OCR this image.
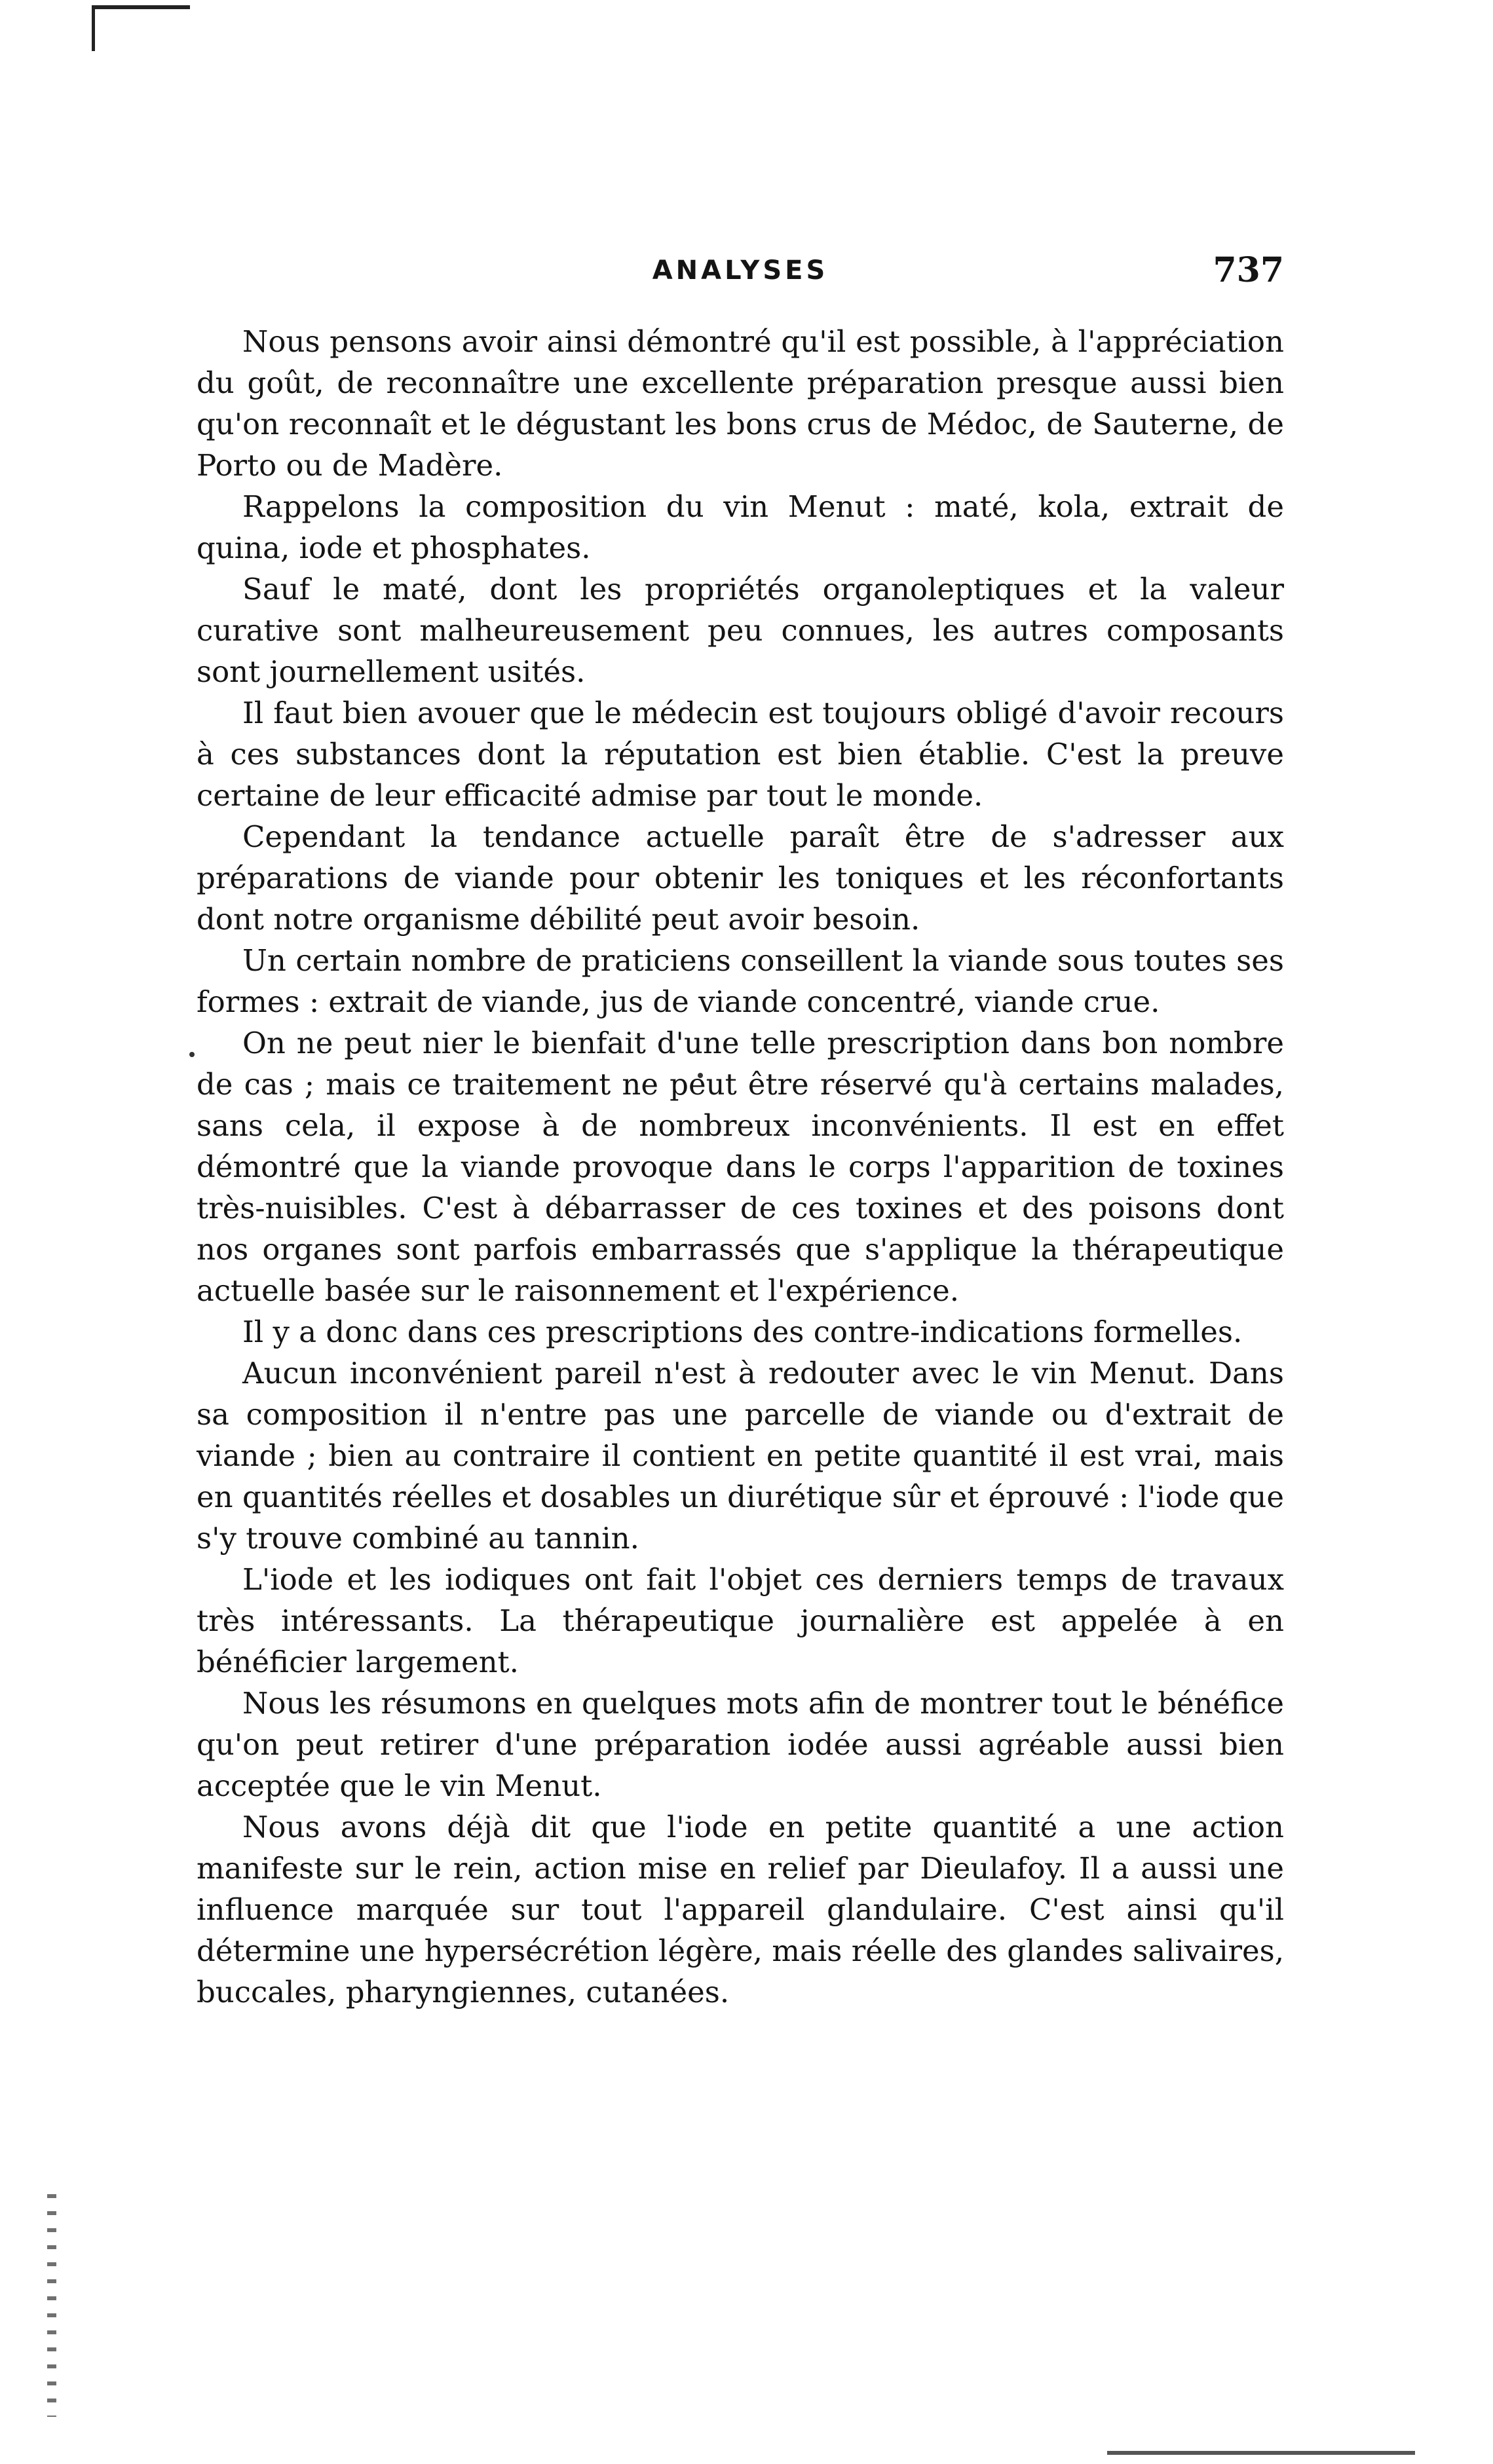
ANALYSES	737

Nous pensons avoir ainsi démontré qu'il est possible, à l'appréciation du goût, de reconnaître une excellente préparation presque aussi bien qu'on reconnaît et le dégustant les bons crus de Médoc, de Sauterne, de Porto ou de Madère.

Rappelons la composition du vin Menut : maté, kola, extrait de quina, iode et phosphates.

Sauf le maté, dont les propriétés organoleptiques et la valeur curative sont malheureusement peu connues, les autres composants sont journellement usités.

Il faut bien avouer que le médecin est toujours obligé d'avoir recours à ces substances dont la réputation est bien établie. C'est la preuve certaine de leur efficacité admise par tout le monde.

Cependant la tendance actuelle paraît être de s'adresser aux préparations de viande pour obtenir les toniques et les réconfortants dont notre organisme débilité peut avoir besoin.

Un certain nombre de praticiens conseillent la viande sous toutes ses formes : extrait de viande, jus de viande concentré, viande crue.

On ne peut nier le bienfait d'une telle prescription dans bon nombre de cas ; mais ce traitement ne peut être réservé qu'à certains malades, sans cela, il expose à de nombreux inconvénients. Il est en effet démontré que la viande provoque dans le corps l'apparition de toxines très-nuisibles. C'est à débarrasser de ces toxines et des poisons dont nos organes sont parfois embarrassés que s'applique la thérapeutique actuelle basée sur le raisonnement et l'expérience.

Il y a donc dans ces prescriptions des contre-indications formelles.

Aucun inconvénient pareil n'est à redouter avec le vin Menut. Dans sa composition il n'entre pas une parcelle de viande ou d'extrait de viande ; bien au contraire il contient en petite quantité il est vrai, mais en quantités réelles et dosables un diurétique sûr et éprouvé : l'iode que s'y trouve combiné au tannin.

L'iode et les iodiques ont fait l'objet ces derniers temps de travaux très intéressants. La thérapeutique journalière est appelée à en bénéficier largement.

Nous les résumons en quelques mots afin de montrer tout le bénéfice qu'on peut retirer d'une préparation iodée aussi agréable aussi bien acceptée que le vin Menut.

Nous avons déjà dit que l'iode en petite quantité a une action manifeste sur le rein, action mise en relief par Dieulafoy. Il a aussi une influence marquée sur tout l'appareil glandulaire. C'est ainsi qu'il détermine une hypersécrétion légère, mais réelle des glandes salivaires, buccales, pharyngiennes, cutanées.
